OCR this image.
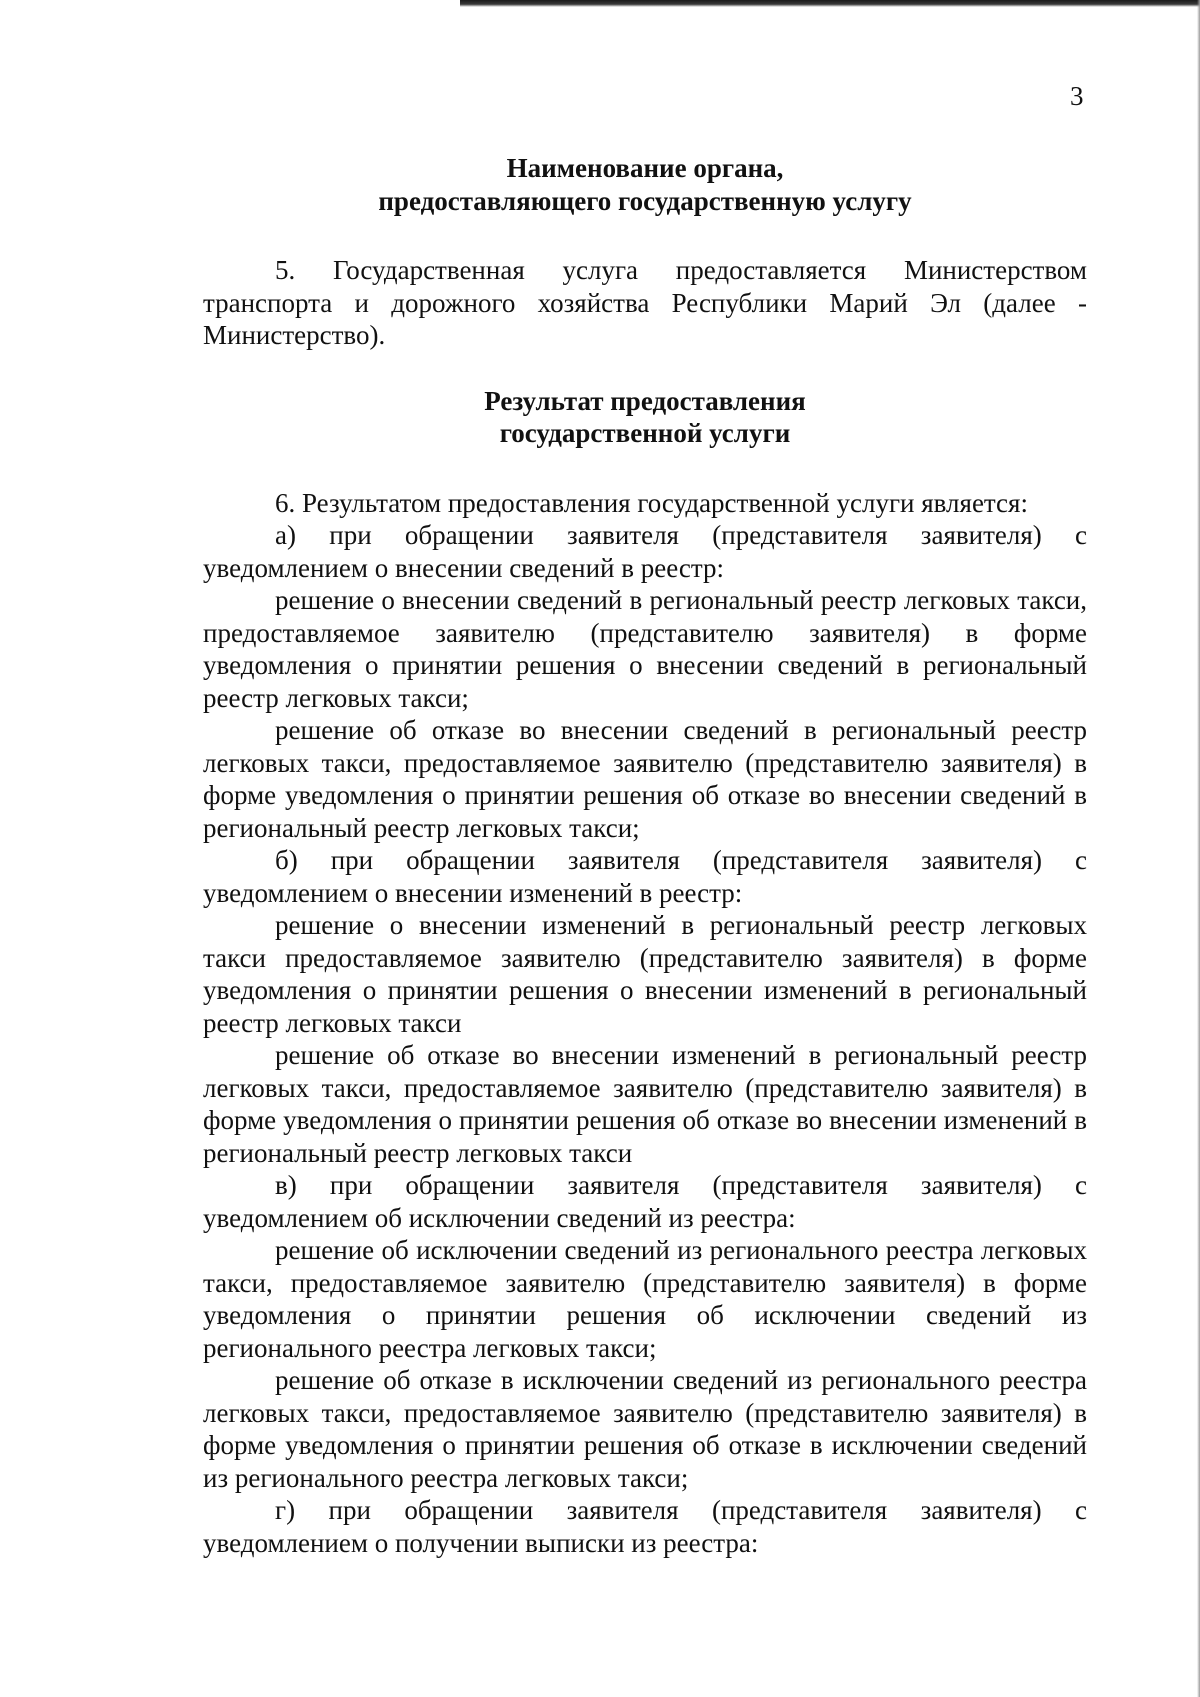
3

Наименование органа,

предоставляющего государственную услугу

5. Государственная услуга предоставляется Министерством транспорта и дорожного хозяйства Республики Марий Эл (далее - Министерство).

Результат предоставления

государственной услуги

6. Результатом предоставления государственной услуги является:

а) при обращении заявителя (представителя заявителя) с уведомлением о внесении сведений в реестр:

решение о внесении сведений в региональный реестр легковых такси, предоставляемое заявителю (представителю заявителя) в форме уведомления о принятии решения о внесении сведений в региональный реестр легковых такси;

решение об отказе во внесении сведений в региональный реестр легковых такси, предоставляемое заявителю (представителю заявителя) в форме уведомления о принятии решения об отказе во внесении сведений в региональный реестр легковых такси;

б) при обращении заявителя (представителя заявителя) с уведомлением о внесении изменений в реестр:

решение о внесении изменений в региональный реестр легковых такси предоставляемое заявителю (представителю заявителя) в форме уведомления о принятии решения о внесении изменений в региональный реестр легковых такси

решение об отказе во внесении изменений в региональный реестр легковых такси, предоставляемое заявителю (представителю заявителя) в форме уведомления о принятии решения об отказе во внесении изменений в региональный реестр легковых такси

в) при обращении заявителя (представителя заявителя) с уведомлением об исключении сведений из реестра:

решение об исключении сведений из регионального реестра легковых такси, предоставляемое заявителю (представителю заявителя) в форме уведомления о принятии решения об исключении сведений из регионального реестра легковых такси;

решение об отказе в исключении сведений из регионального реестра легковых такси, предоставляемое заявителю (представителю заявителя) в форме уведомления о принятии решения об отказе в исключении сведений из регионального реестра легковых такси;

г) при обращении заявителя (представителя заявителя) с уведомлением о получении выписки из реестра:
